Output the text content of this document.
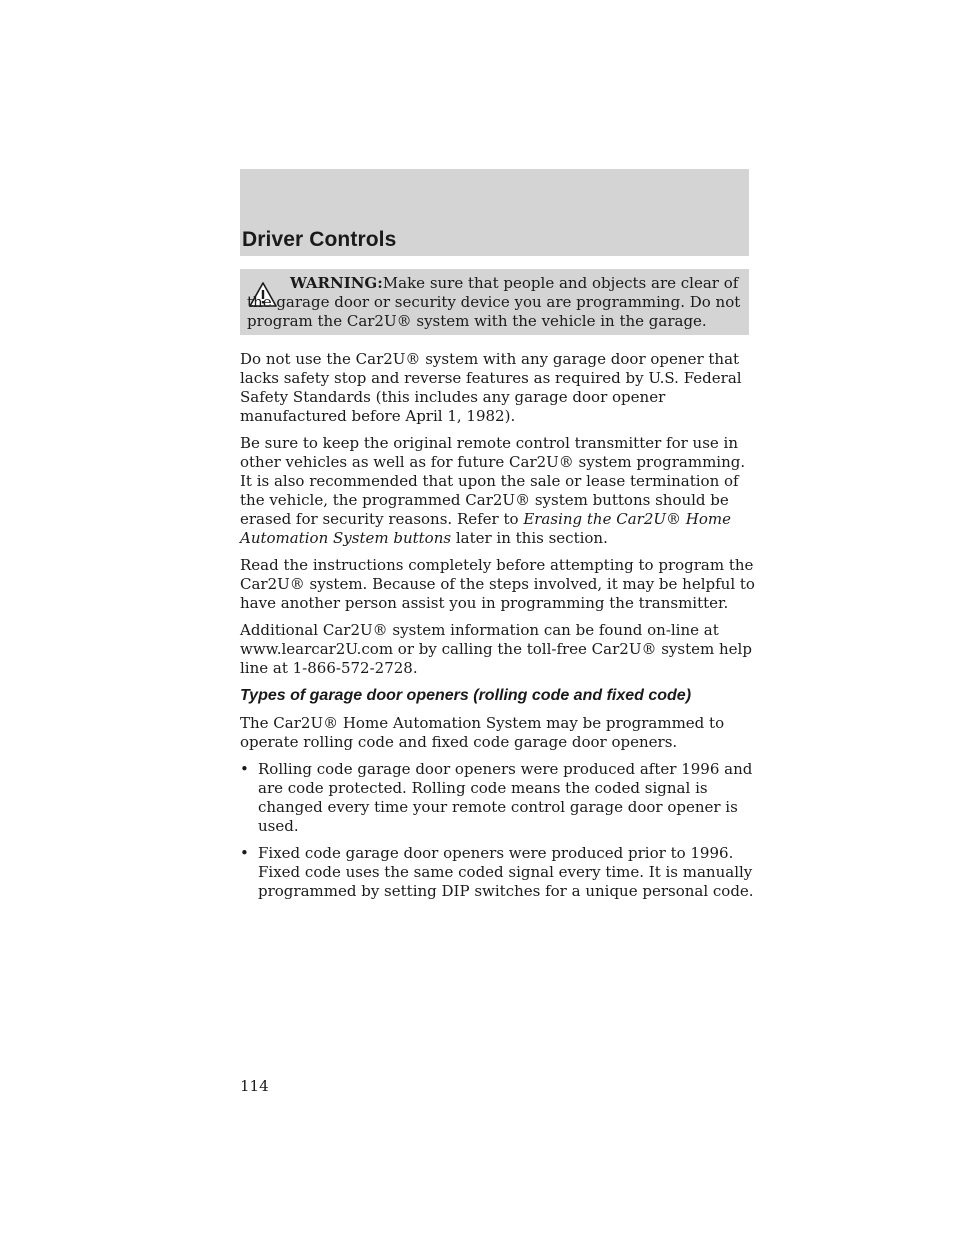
Driver Controls
WARNING:Make sure that people and objects are clear of the garage door or security device you are programming. Do not program the Car2U® system with the vehicle in the garage.

Do not use the Car2U® system with any garage door opener that lacks safety stop and reverse features as required by U.S. Federal Safety Standards (this includes any garage door opener manufactured before April 1, 1982).

Be sure to keep the original remote control transmitter for use in other vehicles as well as for future Car2U® system programming. It is also recommended that upon the sale or lease termination of the vehicle, the programmed Car2U® system buttons should be erased for security reasons. Refer to Erasing the Car2U® Home Automation System buttons later in this section.

Read the instructions completely before attempting to program the Car2U® system. Because of the steps involved, it may be helpful to have another person assist you in programming the transmitter.

Additional Car2U® system information can be found on-line at www.learcar2U.com or by calling the toll-free Car2U® system help line at 1-866-572-2728.

Types of garage door openers (rolling code and fixed code)

The Car2U® Home Automation System may be programmed to operate rolling code and fixed code garage door openers.

• Rolling code garage door openers were produced after 1996 and are code protected. Rolling code means the coded signal is changed every time your remote control garage door opener is used.
• Fixed code garage door openers were produced prior to 1996. Fixed code uses the same coded signal every time. It is manually programmed by setting DIP switches for a unique personal code.
114
